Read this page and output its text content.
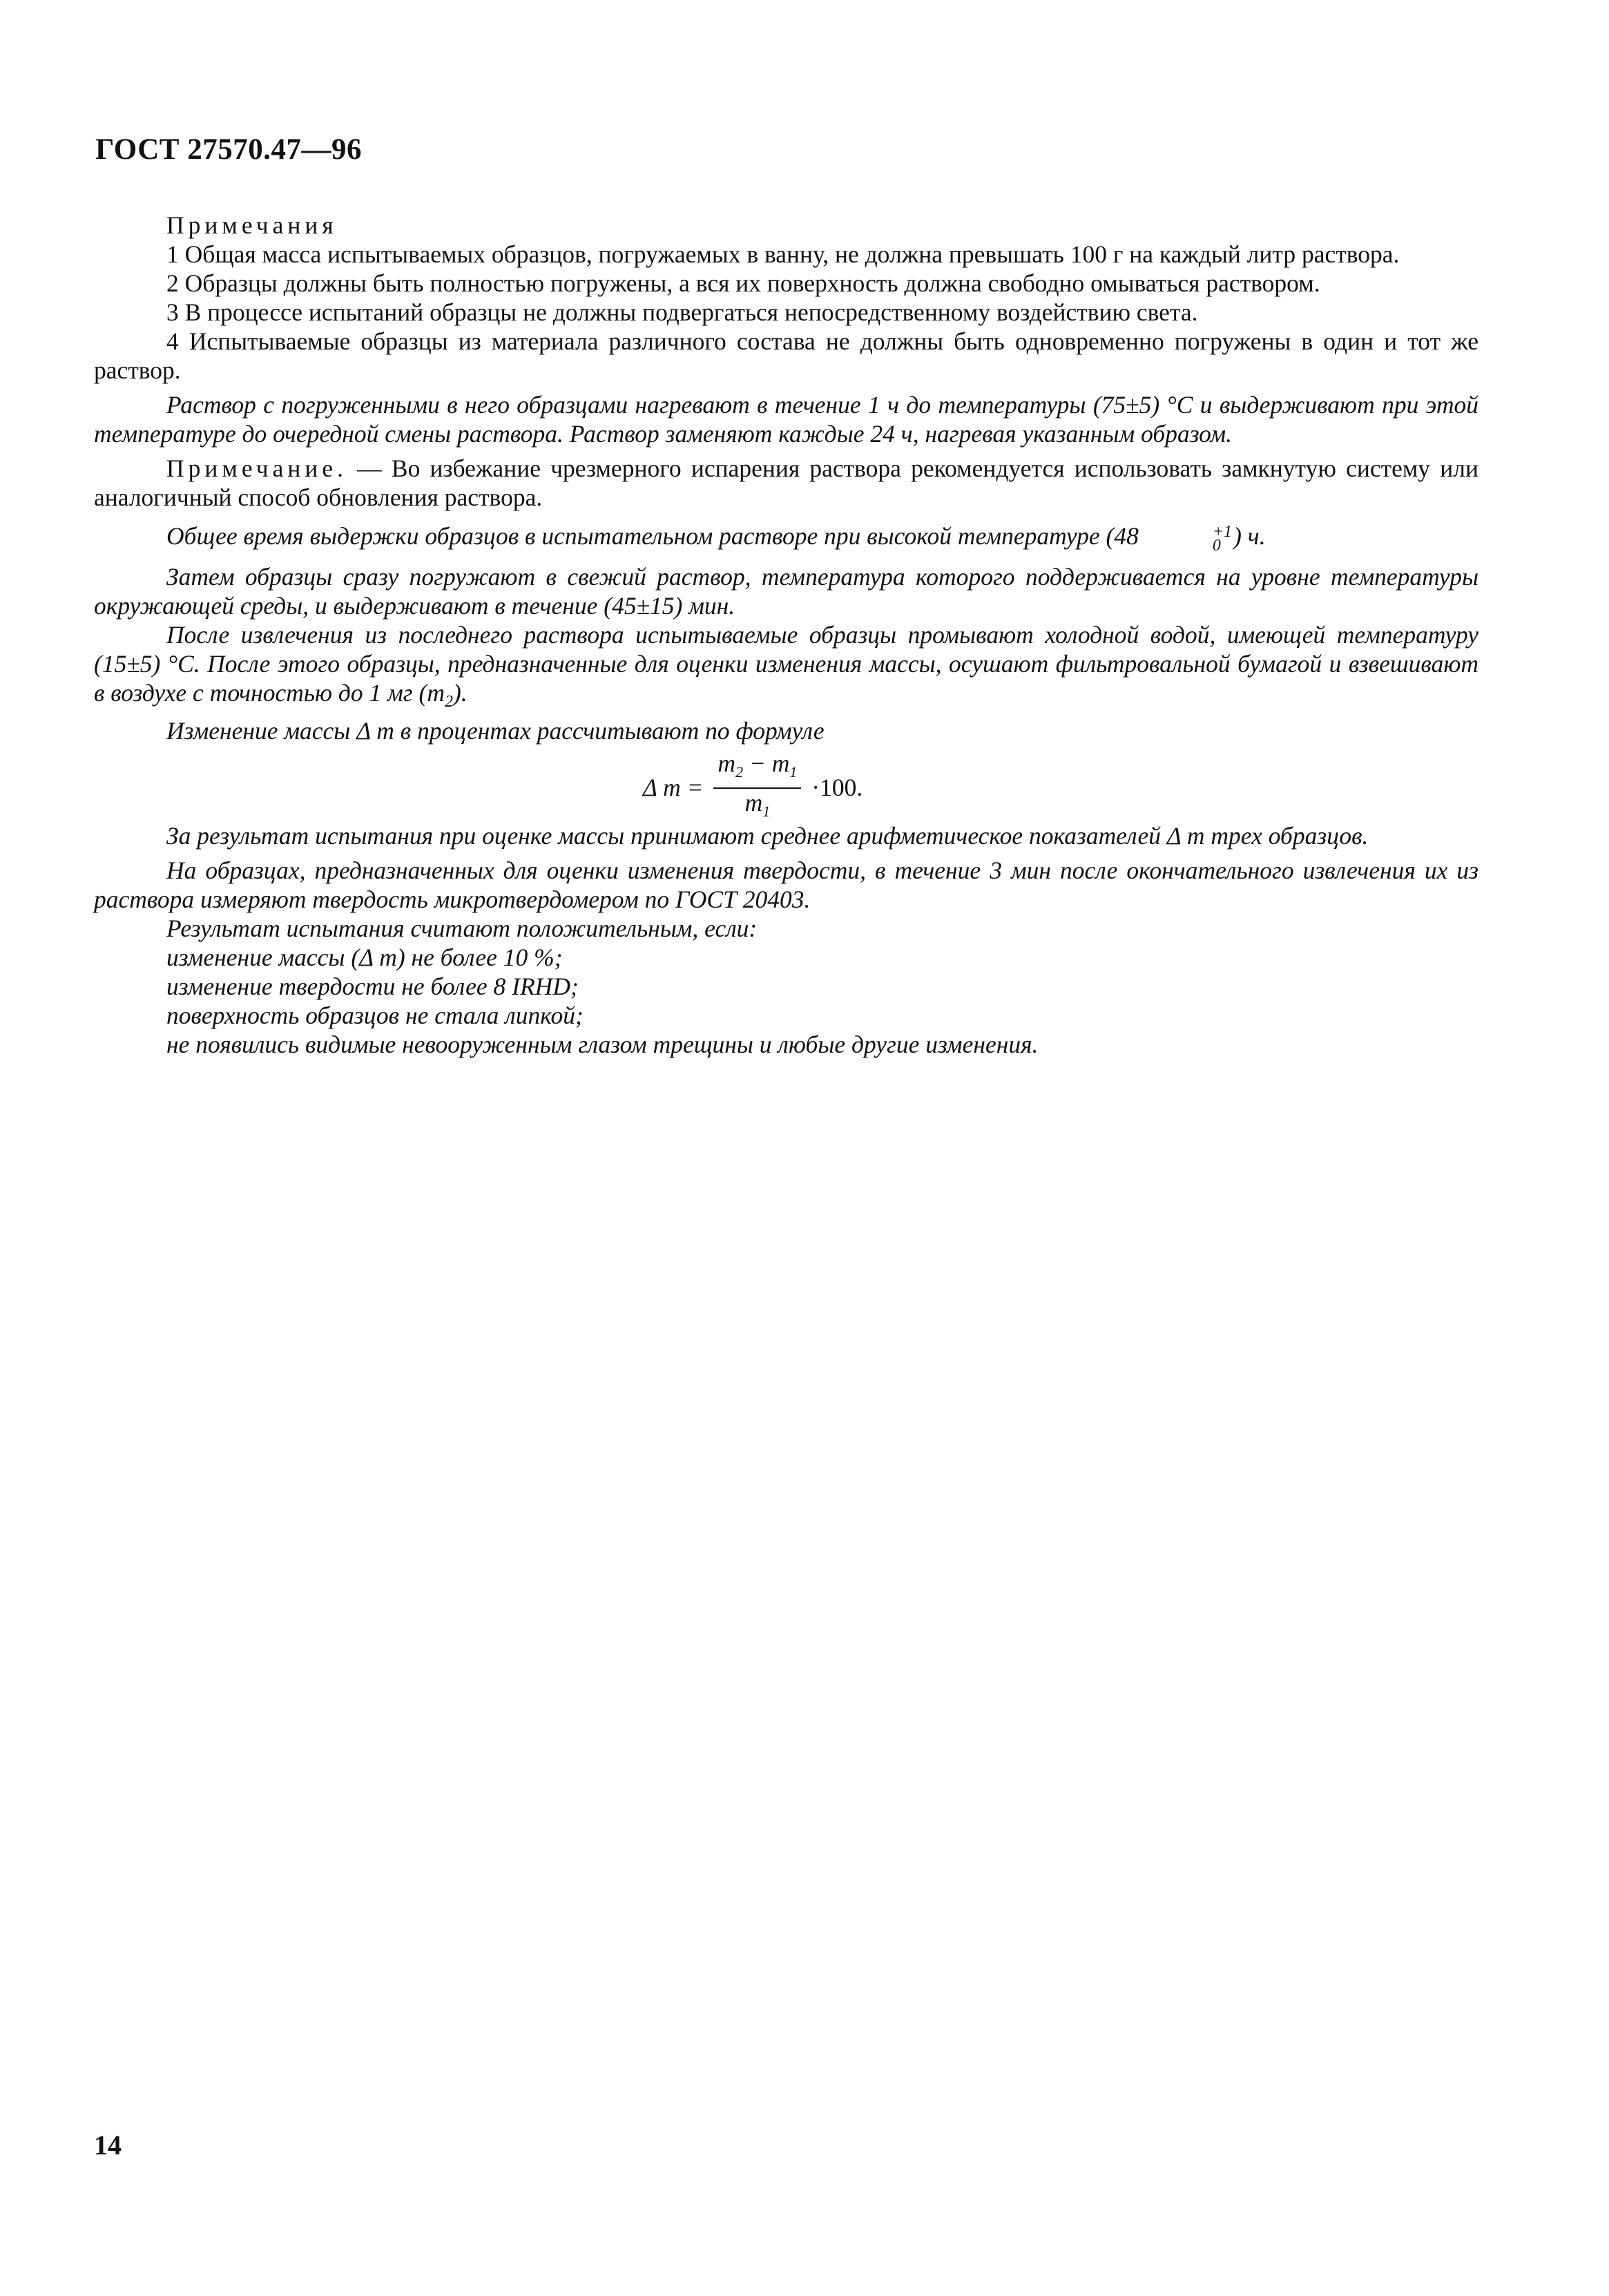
ГОСТ 27570.47—96

Примечания

1 Общая масса испытываемых образцов, погружаемых в ванну, не должна превышать 100 г на каждый литр раствора.

2 Образцы должны быть полностью погружены, а вся их поверхность должна свободно омываться раствором.

3 В процессе испытаний образцы не должны подвергаться непосредственному воздействию света.

4 Испытываемые образцы из материала различного состава не должны быть одновременно погружены в один и тот же раствор.

Раствор с погруженными в него образцами нагревают в течение 1 ч до температуры (75±5) °С и выдерживают при этой температуре до очередной смены раствора. Раствор заменяют каждые 24 ч, нагревая указанным образом.

Примечание. — Во избежание чрезмерного испарения раствора рекомендуется использовать замкнутую систему или аналогичный способ обновления раствора.

Общее время выдержки образцов в испытательном растворе при высокой температуре (48	+1
0 ) ч.

Затем образцы сразу погружают в свежий раствор, температура которого поддерживается на уровне температуры окружающей среды, и выдерживают в течение (45±15) мин.

После извлечения из последнего раствора испытываемые образцы промывают холодной водой, имеющей температуру (15±5) °С. После этого образцы, предназначенные для оценки изменения массы, осушают фильтровальной бумагой и взвешивают в воздухе с точностью до 1 мг $(m_2)$.

Изменение массы Δ m в процентах рассчитывают по формуле

Δ $m = \frac{m_2 - m_1}{m_1} \cdot 100$.

За результат испытания при оценке массы принимают среднее арифметическое показателей Δ m трех образцов.

На образцах, предназначенных для оценки изменения твердости, в течение 3 мин после окончательного извлечения их из раствора измеряют твердость микротвердомером по ГОСТ 20403.

Результат испытания считают положительным, если:

изменение массы (Δ m) не более 10 %;

изменение твердости не более 8 IRHD;

поверхность образцов не стала липкой;

не появились видимые невооруженным глазом трещины и любые другие изменения.

14
